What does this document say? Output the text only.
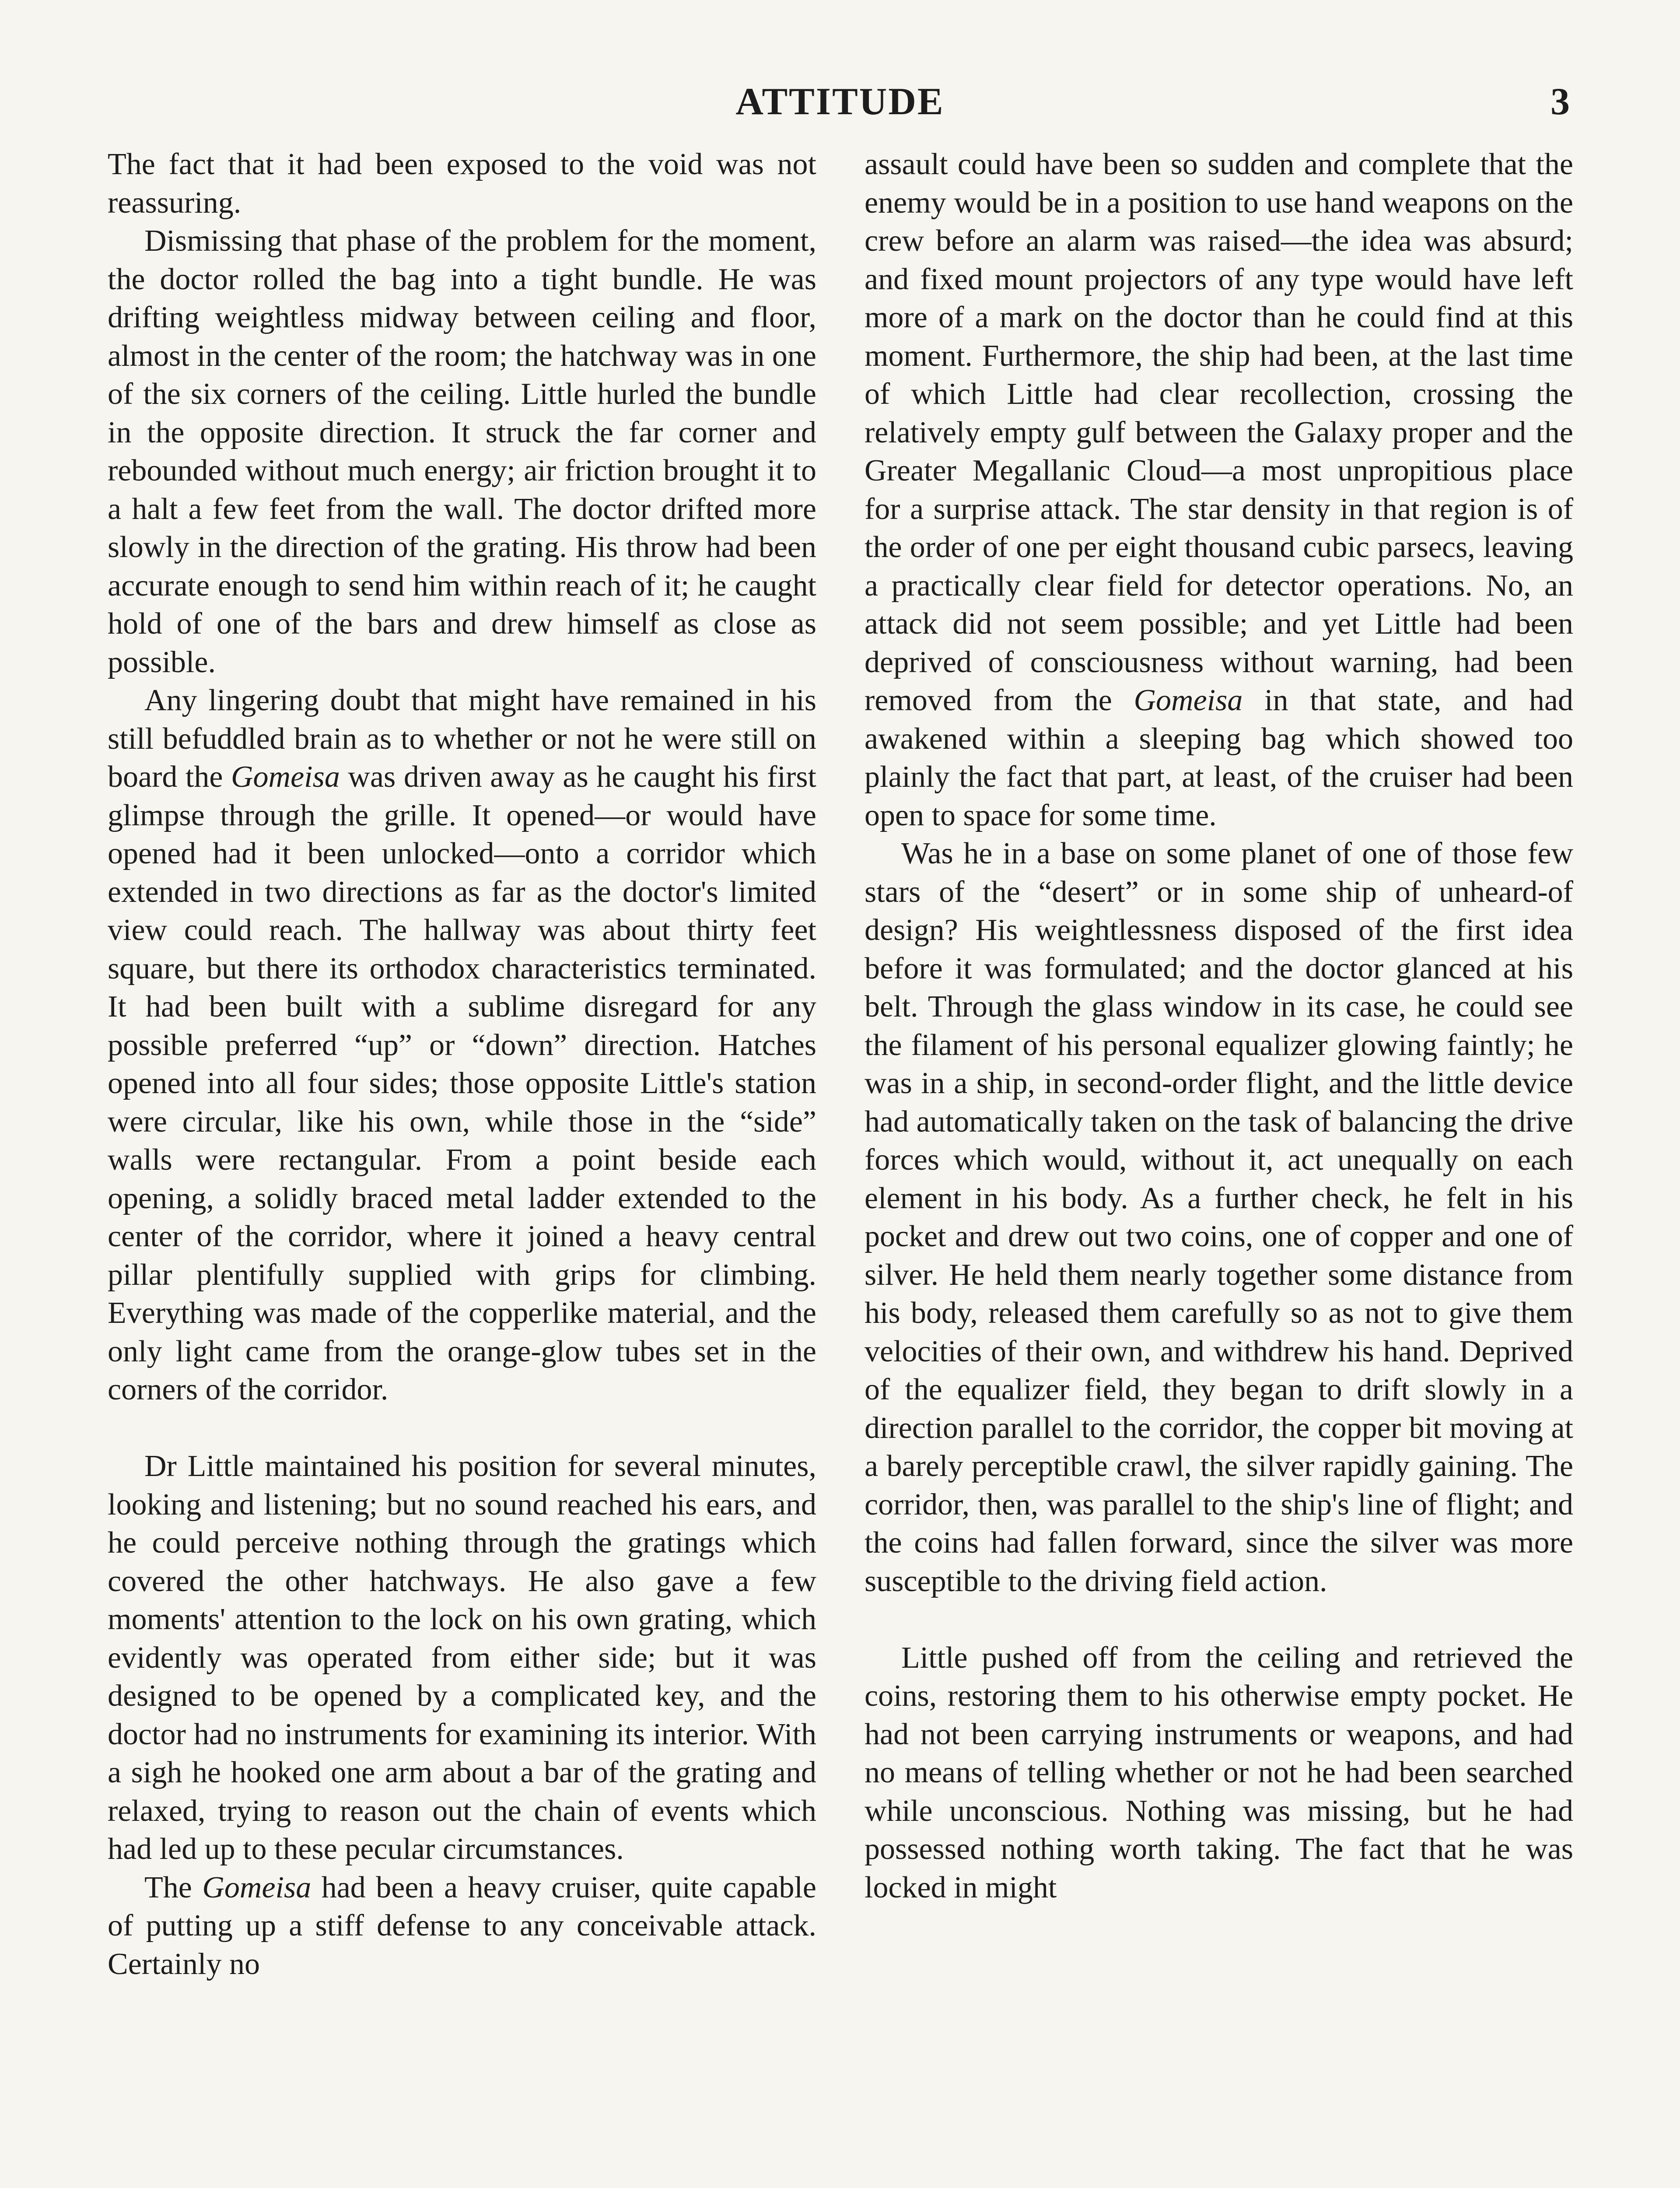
ATTITUDE	3

The fact that it had been exposed to the void was not reassuring.

Dismissing that phase of the problem for the moment, the doctor rolled the bag into a tight bundle. He was drifting weightless midway between ceiling and floor, almost in the center of the room; the hatchway was in one of the six corners of the ceiling. Little hurled the bundle in the opposite direction. It struck the far corner and rebounded without much energy; air friction brought it to a halt a few feet from the wall. The doctor drifted more slowly in the direction of the grating. His throw had been accurate enough to send him within reach of it; he caught hold of one of the bars and drew himself as close as possible.

Any lingering doubt that might have remained in his still befuddled brain as to whether or not he were still on board the Gomeisa was driven away as he caught his first glimpse through the grille. It opened—or would have opened had it been unlocked—onto a corridor which extended in two directions as far as the doctor's limited view could reach. The hallway was about thirty feet square, but there its orthodox characteristics terminated. It had been built with a sublime disregard for any possible preferred “up” or “down” direction. Hatches opened into all four sides; those opposite Little's station were circular, like his own, while those in the “side” walls were rectangular. From a point beside each opening, a solidly braced metal ladder extended to the center of the corridor, where it joined a heavy central pillar plentifully supplied with grips for climbing. Everything was made of the copperlike material, and the only light came from the orange-glow tubes set in the corners of the corridor.

Dr Little maintained his position for several minutes, looking and listening; but no sound reached his ears, and he could perceive nothing through the gratings which covered the other hatchways. He also gave a few moments' attention to the lock on his own grating, which evidently was operated from either side; but it was designed to be opened by a complicated key, and the doctor had no instruments for examining its interior. With a sigh he hooked one arm about a bar of the grating and relaxed, trying to reason out the chain of events which had led up to these pecular circumstances.

The Gomeisa had been a heavy cruiser, quite capable of putting up a stiff defense to any conceivable attack. Certainly no

assault could have been so sudden and complete that the enemy would be in a position to use hand weapons on the crew before an alarm was raised—the idea was absurd; and fixed mount projectors of any type would have left more of a mark on the doctor than he could find at this moment. Furthermore, the ship had been, at the last time of which Little had clear recollection, crossing the relatively empty gulf between the Galaxy proper and the Greater Megallanic Cloud—a most unpropitious place for a surprise attack. The star density in that region is of the order of one per eight thousand cubic parsecs, leaving a practically clear field for detector operations. No, an attack did not seem possible; and yet Little had been deprived of consciousness without warning, had been removed from the Gomeisa in that state, and had awakened within a sleeping bag which showed too plainly the fact that part, at least, of the cruiser had been open to space for some time.

Was he in a base on some planet of one of those few stars of the “desert” or in some ship of unheard-of design? His weightlessness disposed of the first idea before it was formulated; and the doctor glanced at his belt. Through the glass window in its case, he could see the filament of his personal equalizer glowing faintly; he was in a ship, in second-order flight, and the little device had automatically taken on the task of balancing the drive forces which would, without it, act unequally on each element in his body. As a further check, he felt in his pocket and drew out two coins, one of copper and one of silver. He held them nearly together some distance from his body, released them carefully so as not to give them velocities of their own, and withdrew his hand. Deprived of the equalizer field, they began to drift slowly in a direction parallel to the corridor, the copper bit moving at a barely perceptible crawl, the silver rapidly gaining. The corridor, then, was parallel to the ship's line of flight; and the coins had fallen forward, since the silver was more susceptible to the driving field action.

Little pushed off from the ceiling and retrieved the coins, restoring them to his otherwise empty pocket. He had not been carrying instruments or weapons, and had no means of telling whether or not he had been searched while unconscious. Nothing was missing, but he had possessed nothing worth taking. The fact that he was locked in might
